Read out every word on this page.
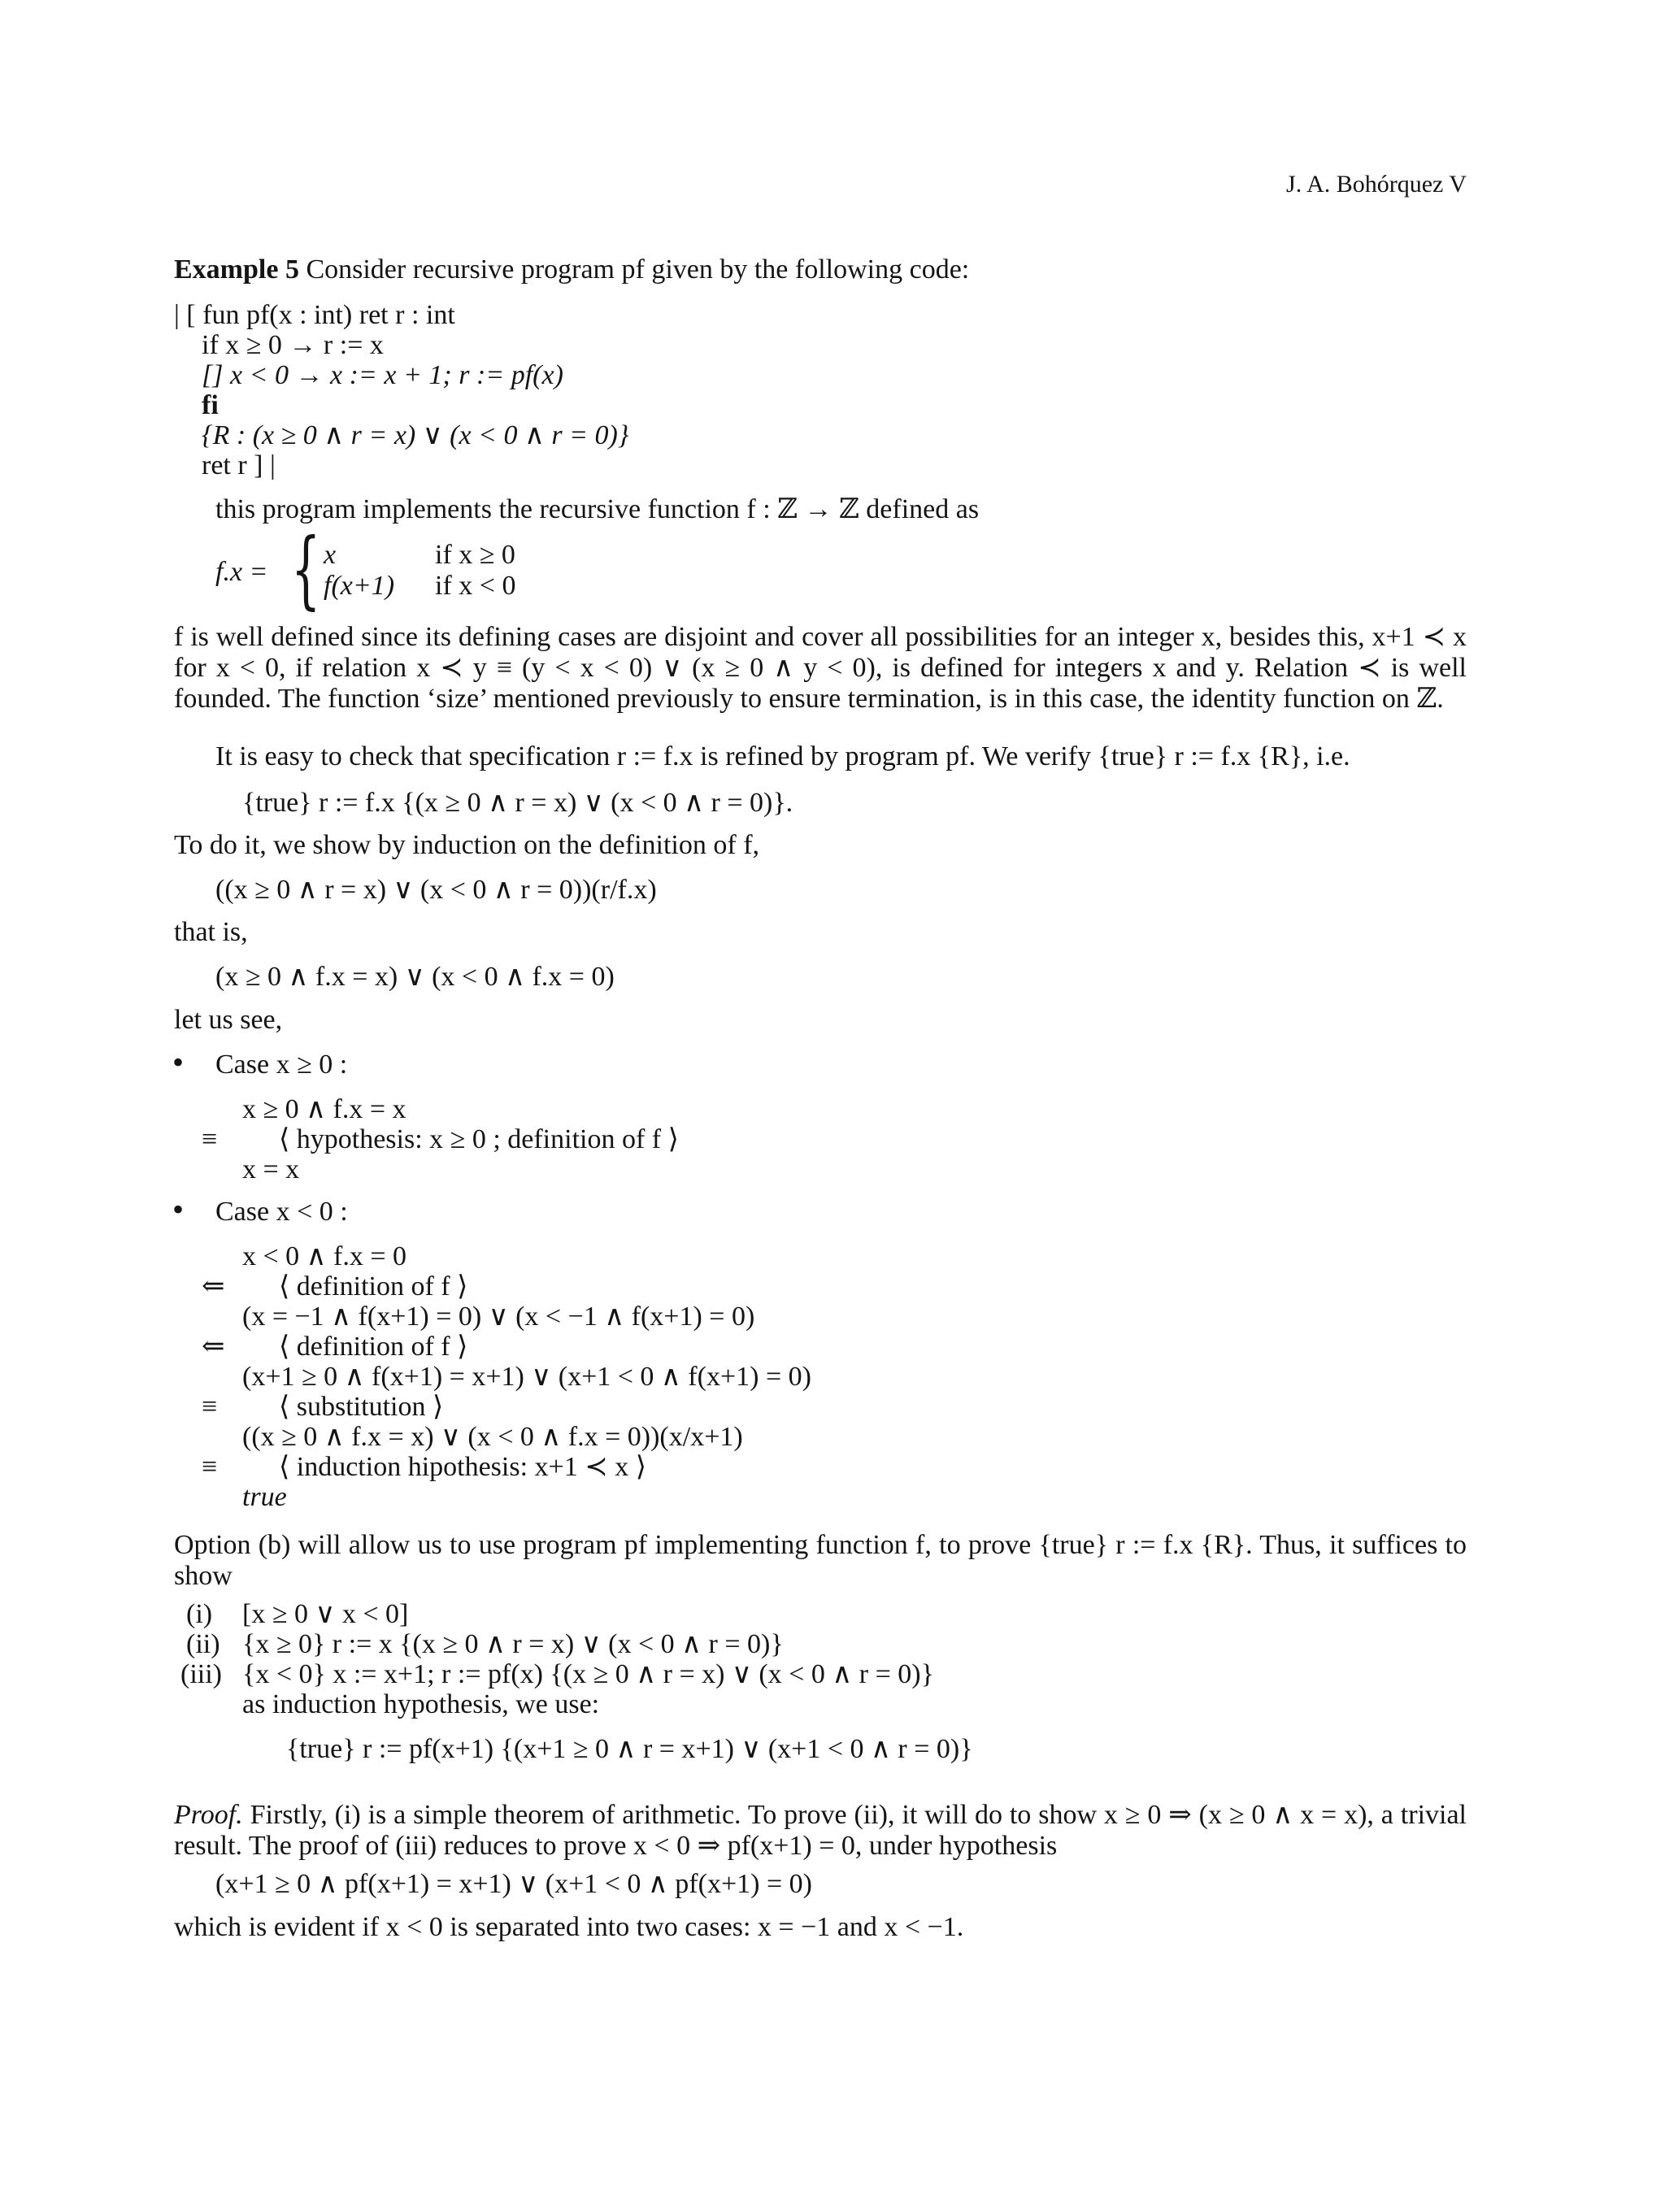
J. A. Bohórquez V
Example 5 Consider recursive program pf given by the following code:
| [ fun pf(x : int) ret r : int
if x ≥ 0 → r := x
[] x < 0 → x := x + 1; r := pf(x)
fi
{R : (x ≥ 0 ∧ r = x) ∨ (x < 0 ∧ r = 0)}
ret r ] |
this program implements the recursive function f : ℤ → ℤ defined as
f.x = { x	if x ≥ 0
f(x+1) if x < 0
f is well defined since its defining cases are disjoint and cover all possibilities for an integer x, besides this, x+1 ≺ x for x < 0, if relation x ≺ y ≡ (y < x < 0) ∨ (x ≥ 0 ∧ y < 0), is defined for integers x and y. Relation ≺ is well founded. The function ‘size’ mentioned previously to ensure termination, is in this case, the identity function on ℤ.
It is easy to check that specification r := f.x is refined by program pf. We verify {true} r := f.x {R}, i.e.
{true} r := f.x {(x ≥ 0 ∧ r = x) ∨ (x < 0 ∧ r = 0)}.
To do it, we show by induction on the definition of f,
((x ≥ 0 ∧ r = x) ∨ (x < 0 ∧ r = 0))(r/f.x)
that is,
(x ≥ 0 ∧ f.x = x) ∨ (x < 0 ∧ f.x = 0)
let us see,
• Case x ≥ 0 :
x ≥ 0 ∧ f.x = x
≡ ⟨ hypothesis: x ≥ 0 ; definition of f ⟩
x = x
• Case x < 0 :
x < 0 ∧ f.x = 0
⇐ ⟨ definition of f ⟩
(x = −1 ∧ f(x+1) = 0) ∨ (x < −1 ∧ f(x+1) = 0)
⇐ ⟨ definition of f ⟩
(x+1 ≥ 0 ∧ f(x+1) = x+1) ∨ (x+1 < 0 ∧ f(x+1) = 0)
≡ ⟨ substitution ⟩
((x ≥ 0 ∧ f.x = x) ∨ (x < 0 ∧ f.x = 0))(x/x+1)
≡ ⟨ induction hipothesis: x+1 ≺ x ⟩
true
Option (b) will allow us to use program pf implementing function f, to prove {true} r := f.x {R}. Thus, it suffices to show
(i) [x ≥ 0 ∨ x < 0]
(ii) {x ≥ 0} r := x {(x ≥ 0 ∧ r = x) ∨ (x < 0 ∧ r = 0)}
(iii) {x < 0} x := x+1; r := pf(x) {(x ≥ 0 ∧ r = x) ∨ (x < 0 ∧ r = 0)}
as induction hypothesis, we use:
{true} r := pf(x+1) {(x+1 ≥ 0 ∧ r = x+1) ∨ (x+1 < 0 ∧ r = 0)}
Proof. Firstly, (i) is a simple theorem of arithmetic. To prove (ii), it will do to show x ≥ 0 ⇒ (x ≥ 0 ∧ x = x), a trivial result. The proof of (iii) reduces to prove x < 0 ⇒ pf(x+1) = 0, under hypothesis
(x+1 ≥ 0 ∧ pf(x+1) = x+1) ∨ (x+1 < 0 ∧ pf(x+1) = 0)
which is evident if x < 0 is separated into two cases: x = −1 and x < −1.
